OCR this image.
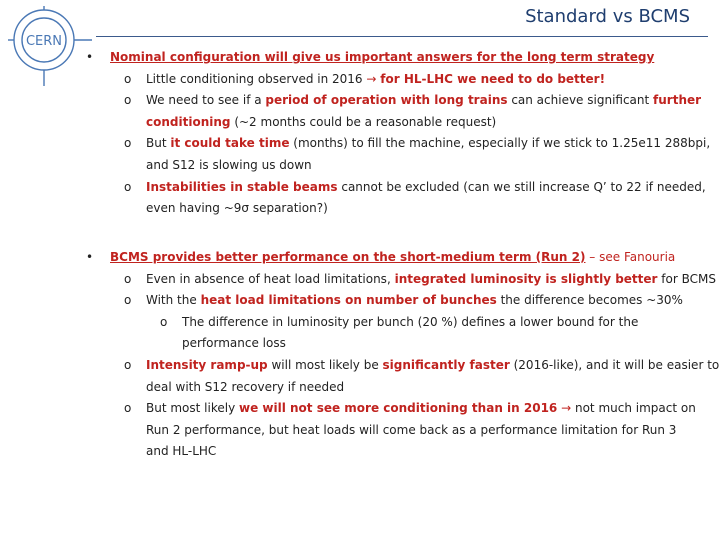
CERN
Standard vs BCMS
• Nominal configuration will give us important answers for the long term strategy
o Little conditioning observed in 2016 → for HL-LHC we need to do better!
o We need to see if a period of operation with long trains can achieve significant further
conditioning (~2 months could be a reasonable request)
o But it could take time (months) to fill the machine, especially if we stick to 1.25e11 288bpi,
and S12 is slowing us down
o Instabilities in stable beams cannot be excluded (can we still increase Q’ to 22 if needed,
even having ~9σ separation?)
• BCMS provides better performance on the short-medium term (Run 2) – see Fanouria
o Even in absence of heat load limitations, integrated luminosity is slightly better for BCMS
o With the heat load limitations on number of bunches the difference becomes ~30%
o The difference in luminosity per bunch (20 %) defines a lower bound for the
performance loss
o Intensity ramp-up will most likely be significantly faster (2016-like), and it will be easier to
deal with S12 recovery if needed
o But most likely we will not see more conditioning than in 2016 → not much impact on
Run 2 performance, but heat loads will come back as a performance limitation for Run 3
and HL-LHC
